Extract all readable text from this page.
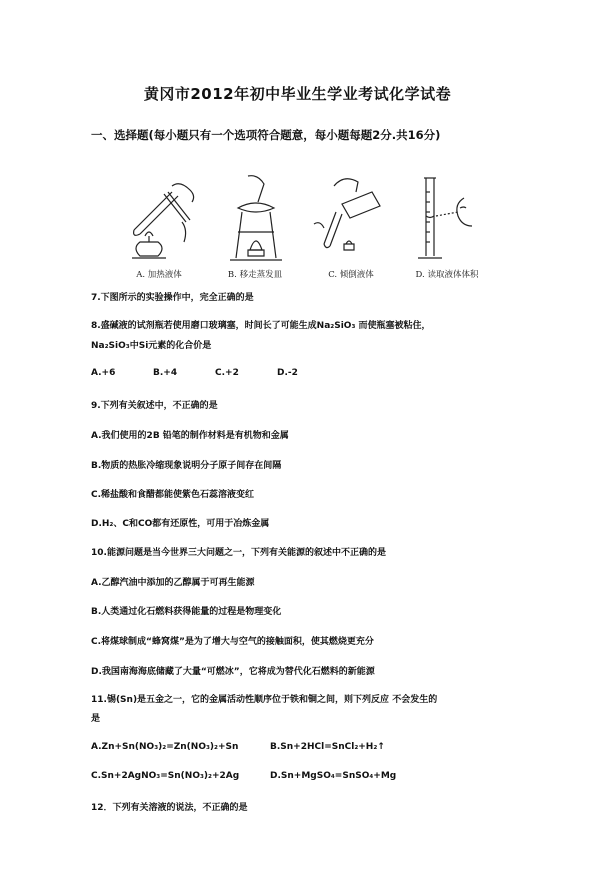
黄冈市2012年初中毕业生学业考试化学试卷
一、选择题(每小题只有一个选项符合题意，每小题每题2分.共16分)
A. 加热液体	B. 移走蒸发皿	C. 倾倒液体	D. 读取液体体积
7.下图所示的实验操作中，完全正确的是
8.盛碱液的试剂瓶若使用磨口玻璃塞，时间长了可能生成Na₂SiO₃ 而使瓶塞被粘住，
Na₂SiO₃中Si元素的化合价是
A.+6	B.+4	C.+2	D.-2
9.下列有关叙述中，不正确的是
A.我们使用的2B 铅笔的制作材料是有机物和金属
B.物质的热胀冷缩现象说明分子原子间存在间隔
C.稀盐酸和食醋都能使紫色石蕊溶液变红
D.H₂、C和CO都有还原性，可用于冶炼金属
10.能源问题是当今世界三大问题之一，下列有关能源的叙述中不正确的是
A.乙醇汽油中添加的乙醇属于可再生能源
B.人类通过化石燃料获得能量的过程是物理变化
C.将煤球制成“蜂窝煤”是为了增大与空气的接触面积，使其燃烧更充分
D.我国南海海底储藏了大量“可燃冰”，它将成为替代化石燃料的新能源
11.锡(Sn)是五金之一，它的金属活动性顺序位于铁和铜之间，则下列反应 不会发生的
是
A.Zn+Sn(NO₃)₂=Zn(NO₃)₂+Sn	B.Sn+2HCl=SnCl₂+H₂↑
C.Sn+2AgNO₃=Sn(NO₃)₂+2Ag	D.Sn+MgSO₄=SnSO₄+Mg
12．下列有关溶液的说法，不正确的是
